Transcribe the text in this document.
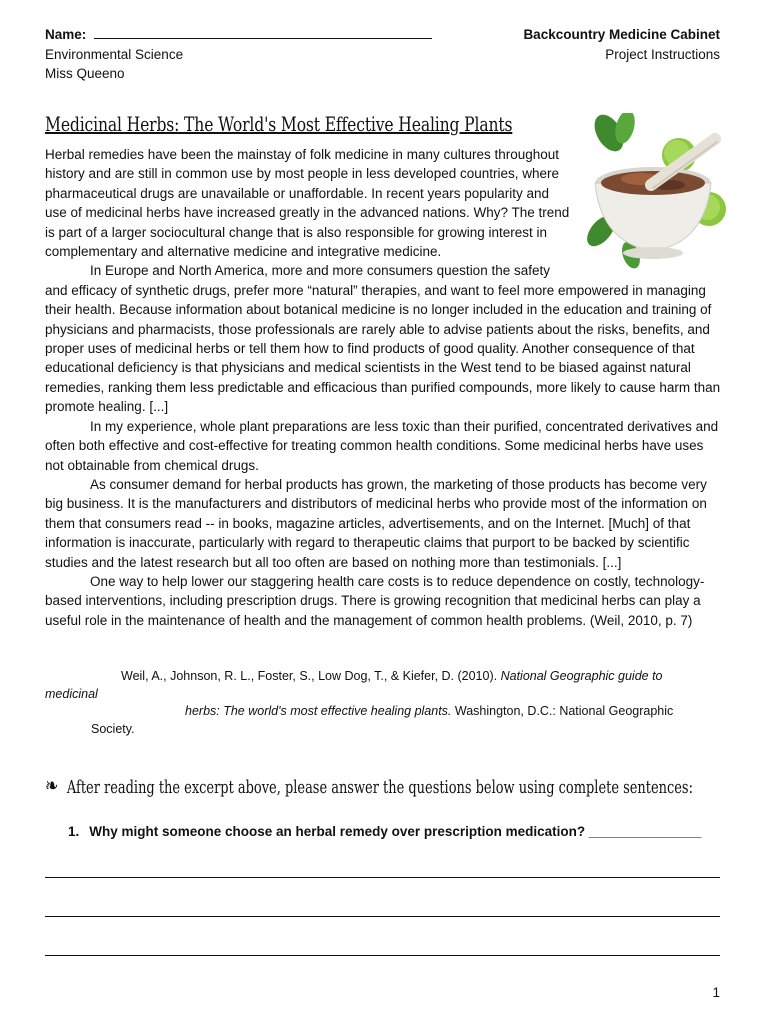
Name:
Environmental Science
Miss Queeno
Backcountry Medicine Cabinet
Project Instructions
Medicinal Herbs: The World's Most Effective Healing Plants

Herbal remedies have been the mainstay of folk medicine in many cultures throughout history and are still in common use by most people in less developed countries, where pharmaceutical drugs are unavailable or unaffordable. In recent years popularity and use of medicinal herbs have increased greatly in the advanced nations. Why? The trend is part of a larger sociocultural change that is also responsible for growing interest in complementary and alternative medicine and integrative medicine.

In Europe and North America, more and more consumers question the safety and efficacy of synthetic drugs, prefer more “natural” therapies, and want to feel more empowered in managing their health. Because information about botanical medicine is no longer included in the education and training of physicians and pharmacists, those professionals are rarely able to advise patients about the risks, benefits, and proper uses of medicinal herbs or tell them how to find products of good quality. Another consequence of that educational deficiency is that physicians and medical scientists in the West tend to be biased against natural remedies, ranking them less predictable and efficacious than purified compounds, more likely to cause harm than promote healing. [...]

In my experience, whole plant preparations are less toxic than their purified, concentrated derivatives and often both effective and cost-effective for treating common health conditions. Some medicinal herbs have uses not obtainable from chemical drugs.

As consumer demand for herbal products has grown, the marketing of those products has become very big business. It is the manufacturers and distributors of medicinal herbs who provide most of the information on them that consumers read -- in books, magazine articles, advertisements, and on the Internet. [Much] of that information is inaccurate, particularly with regard to therapeutic claims that purport to be backed by scientific studies and the latest research but all too often are based on nothing more than testimonials. [...]

One way to help lower our staggering health care costs is to reduce dependence on costly, technology-based interventions, including prescription drugs. There is growing recognition that medicinal herbs can play a useful role in the maintenance of health and the management of common health problems. (Weil, 2010, p. 7)

Weil, A., Johnson, R. L., Foster, S., Low Dog, T., & Kiefer, D. (2010). National Geographic guide to
medicinal
herbs: The world's most effective healing plants. Washington, D.C.: National Geographic
Society.
❧ After reading the excerpt above, please answer the questions below using complete sentences:
1. Why might someone choose an herbal remedy over prescription medication? _______________
1
